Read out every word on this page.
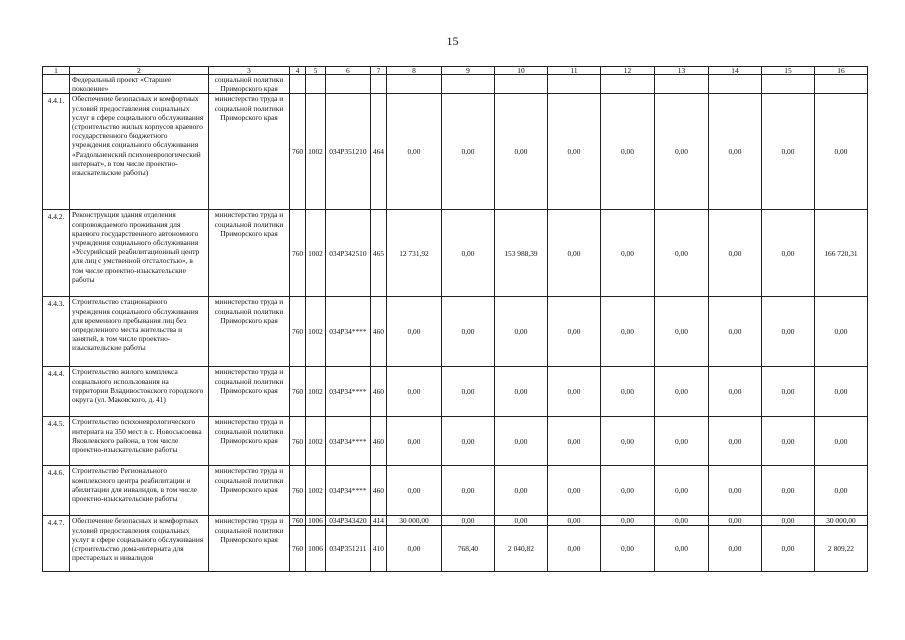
15
1	2	3	4	5	6	7	8	9	10	11	12	13	14	15	16
	Федеральный проект «Старшее поколение»	социальной политики Приморского края													
4.4.1.	Обеспечение безопасных и комфортных условий предоставления социальных услуг в сфере социального обслуживания (строительство жилых корпусов краевого государственного бюджетного учреждения социального обслуживания «Раздольненский психоневрологический интернат», в том числе проектно-изыскательские работы)	министерство труда и социальной политики Приморского края	760	1002	034P351210	464	0,00	0,00	0,00	0,00	0,00	0,00	0,00	0,00	0,00
4.4.2.	Реконструкция здания отделения сопровождаемого проживания для краевого государственного автономного учреждения социального обслуживания «Уссурийский реабилитационный центр для лиц с умственной отсталостью», в том числе проектно-изыскательские работы	министерство труда и социальной политики Приморского края	760	1002	034P342510	465	12 731,92	0,00	153 988,39	0,00	0,00	0,00	0,00	0,00	166 720,31
4.4.3.	Строительство стационарного учреждения социального обслуживания для временного пребывания лиц без определенного места жительства и занятий, в том числе проектно-изыскательские работы	министерство труда и социальной политики Приморского края	760	1002	034P34****	460	0,00	0,00	0,00	0,00	0,00	0,00	0,00	0,00	0,00
4.4.4.	Строительство жилого комплекса социального использования на территории Владивостокского городского округа (ул. Маковского, д. 41)	министерство труда и социальной политики Приморского края	760	1002	034P34****	460	0,00	0,00	0,00	0,00	0,00	0,00	0,00	0,00	0,00
4.4.5.	Строительство психоневрологического интерната на 350 мест в с. Новосысоевка Яковлевского района, в том числе проектно-изыскательские работы	министерство труда и социальной политики Приморского края	760	1002	034P34****	460	0,00	0,00	0,00	0,00	0,00	0,00	0,00	0,00	0,00
4.4.6.	Строительство Регионального комплексного центра реабилитации и абилитации для инвалидов, в том числе проектно-изыскательские работы	министерство труда и социальной политики Приморского края	760	1002	034P34****	460	0,00	0,00	0,00	0,00	0,00	0,00	0,00	0,00	0,00
4.4.7.	Обеспечение безопасных и комфортных условий предоставления социальных услуг в сфере социального обслуживания (строительство дома-интерната для престарелых и инвалидов	министерство труда и социальной политики Приморского края	760	1006	034P343420	414	30 000,00	0,00	0,00	0,00	0,00	0,00	0,00	0,00	30 000,00
			760	1006	034P351211	410	0,00	768,40	2 040,82	0,00	0,00	0,00	0,00	0,00	2 809,22
